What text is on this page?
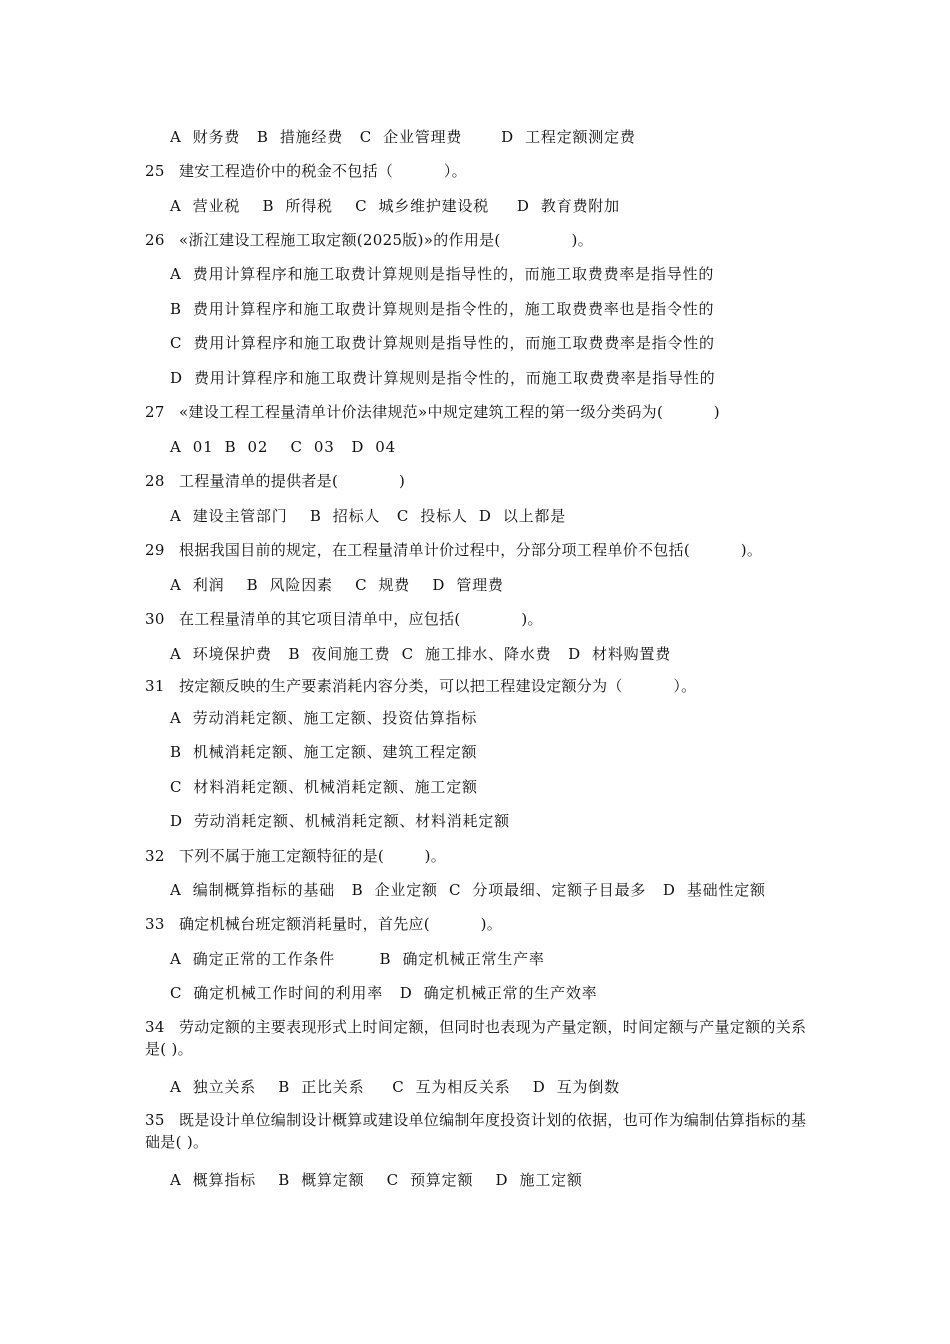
A  财务费   B  措施经费   C  企业管理费       D  工程定额测定费
25 建安工程造价中的税金不包括（          ）。
A  营业税    B  所得税    C  城乡维护建设税     D  教育费附加
26 «浙江建设工程施工取定额(2025版)»的作用是(              )。
A  费用计算程序和施工取费计算规则是指导性的，而施工取费费率是指导性的
B  费用计算程序和施工取费计算规则是指令性的，施工取费费率也是指令性的
C  费用计算程序和施工取费计算规则是指导性的，而施工取费费率是指令性的
D  费用计算程序和施工取费计算规则是指令性的，而施工取费费率是指导性的
27 «建设工程工程量清单计价法律规范»中规定建筑工程的第一级分类码为(          )
A  01  B  02    C  03   D  04
28 工程量清单的提供者是(            )
A  建设主管部门    B  招标人   C  投标人  D  以上都是
29 根据我国目前的规定，在工程量清单计价过程中，分部分项工程单价不包括(          )。
A  利润    B  风险因素    C  规费    D  管理费
30 在工程量清单的其它项目清单中，应包括(            )。
A  环境保护费   B  夜间施工费  C  施工排水、降水费   D  材料购置费
31 按定额反映的生产要素消耗内容分类，可以把工程建设定额分为（          ）。
A  劳动消耗定额、施工定额、投资估算指标
B  机械消耗定额、施工定额、建筑工程定额
C  材料消耗定额、机械消耗定额、施工定额
D  劳动消耗定额、机械消耗定额、材料消耗定额
32 下列不属于施工定额特征的是(        )。
A  编制概算指标的基础   B  企业定额  C  分项最细、定额子目最多   D  基础性定额
33 确定机械台班定额消耗量时，首先应(          )。
A  确定正常的工作条件        B  确定机械正常生产率
C  确定机械工作时间的利用率   D  确定机械正常的生产效率
34 劳动定额的主要表现形式上时间定额，但同时也表现为产量定额，时间定额与产量定额的关系是( )。
A  独立关系    B  正比关系     C  互为相反关系    D  互为倒数
35 既是设计单位编制设计概算或建设单位编制年度投资计划的依据，也可作为编制估算指标的基础是( )。
A  概算指标    B  概算定额    C  预算定额    D  施工定额
